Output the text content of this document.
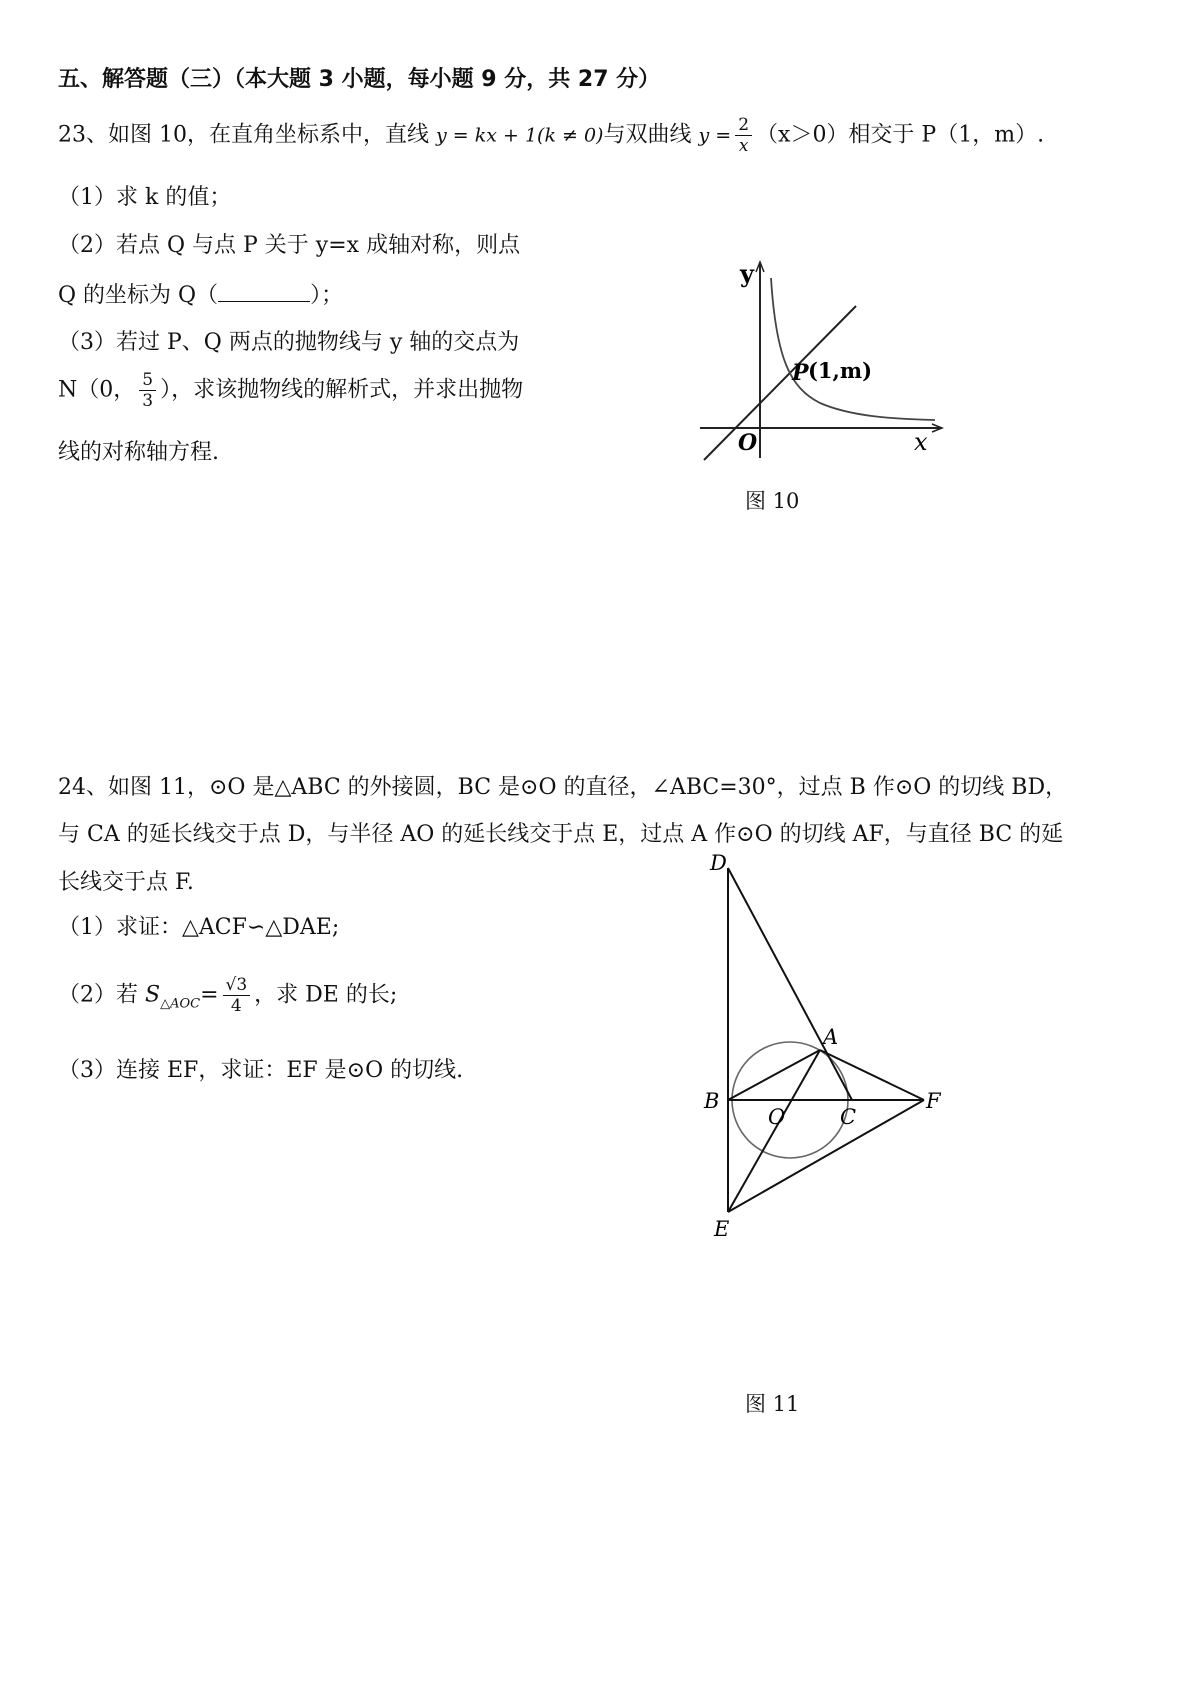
五、解答题（三）（本大题 3 小题，每小题 9 分，共 27 分）
23、如图 10，在直角坐标系中，直线 y = kx + 1(k ≠ 0)与双曲线 $y = \frac{2}{x} (x>0)$相交于 P（1，m）.
（1）求 k 的值；
（2）若点 Q 与点 P 关于 y=x 成轴对称，则点
Q 的坐标为 Q（	）；
（3）若过 P、Q 两点的抛物线与 y 轴的交点为
N（0， $\frac{5}{3}$ ），求该抛物线的解析式，并求出抛物
线的对称轴方程.
y
x
O
P (1,m)
图 10
24、如图 11，⊙O 是△ABC 的外接圆，BC 是⊙O 的直径，∠ABC=30°，过点 B 作⊙O 的切线 BD，
与 CA 的延长线交于点 D，与半径 AO 的延长线交于点 E，过点 A 作⊙O 的切线 AF，与直径 BC 的延
长线交于点 F.
（1）求证：△ACF∽△DAE;
（2）若 $S_{\triangle AOC}= \frac{√3}{4}$ ，求 DE 的长;
（3）连接 EF，求证：EF 是⊙O 的切线.
D
A
B
O	C
F
E
图 11
